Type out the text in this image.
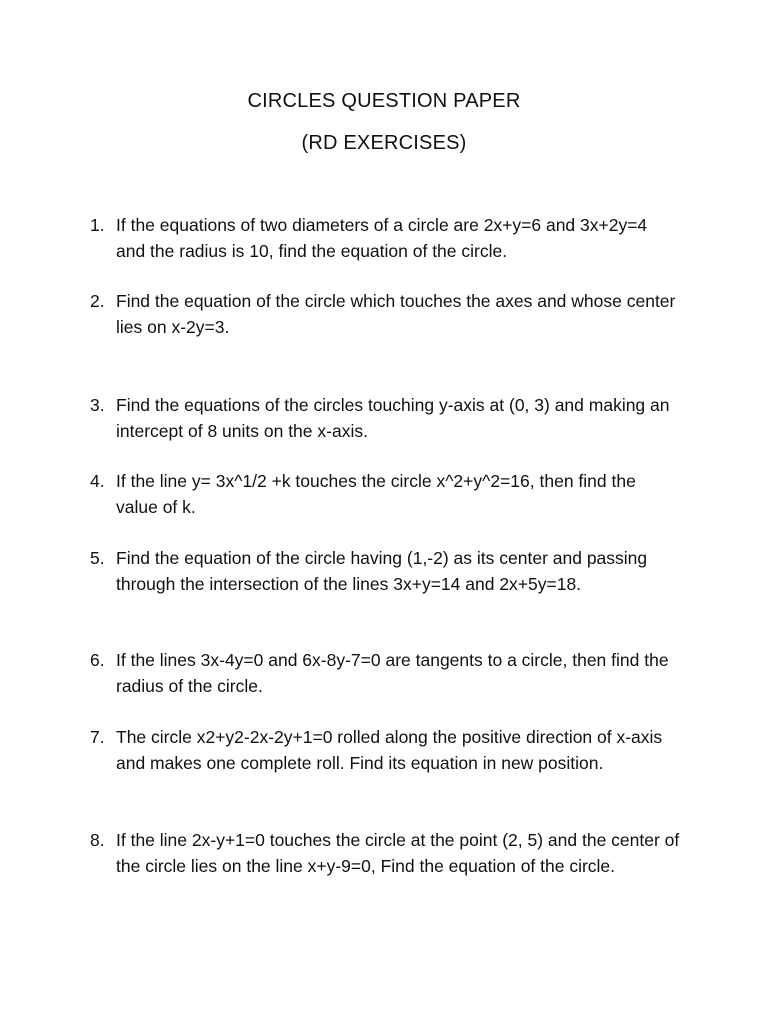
CIRCLES QUESTION PAPER
(RD EXERCISES)
1. If the equations of two diameters of a circle are 2x+y=6 and 3x+2y=4 and the radius is 10, find the equation of the circle.
2. Find the equation of the circle which touches the axes and whose center lies on x-2y=3.
3. Find the equations of the circles touching y-axis at (0, 3) and making an intercept of 8 units on the x-axis.
4. If the line y= 3x^1/2 +k touches the circle x^2+y^2=16, then find the value of k.
5. Find the equation of the circle having (1,-2) as its center and passing through the intersection of the lines 3x+y=14 and 2x+5y=18.
6. If the lines 3x-4y=0 and 6x-8y-7=0 are tangents to a circle, then find the radius of the circle.
7. The circle x2+y2-2x-2y+1=0 rolled along the positive direction of x-axis and makes one complete roll. Find its equation in new position.
8. If the line 2x-y+1=0 touches the circle at the point (2, 5) and the center of the circle lies on the line x+y-9=0, Find the equation of the circle.
